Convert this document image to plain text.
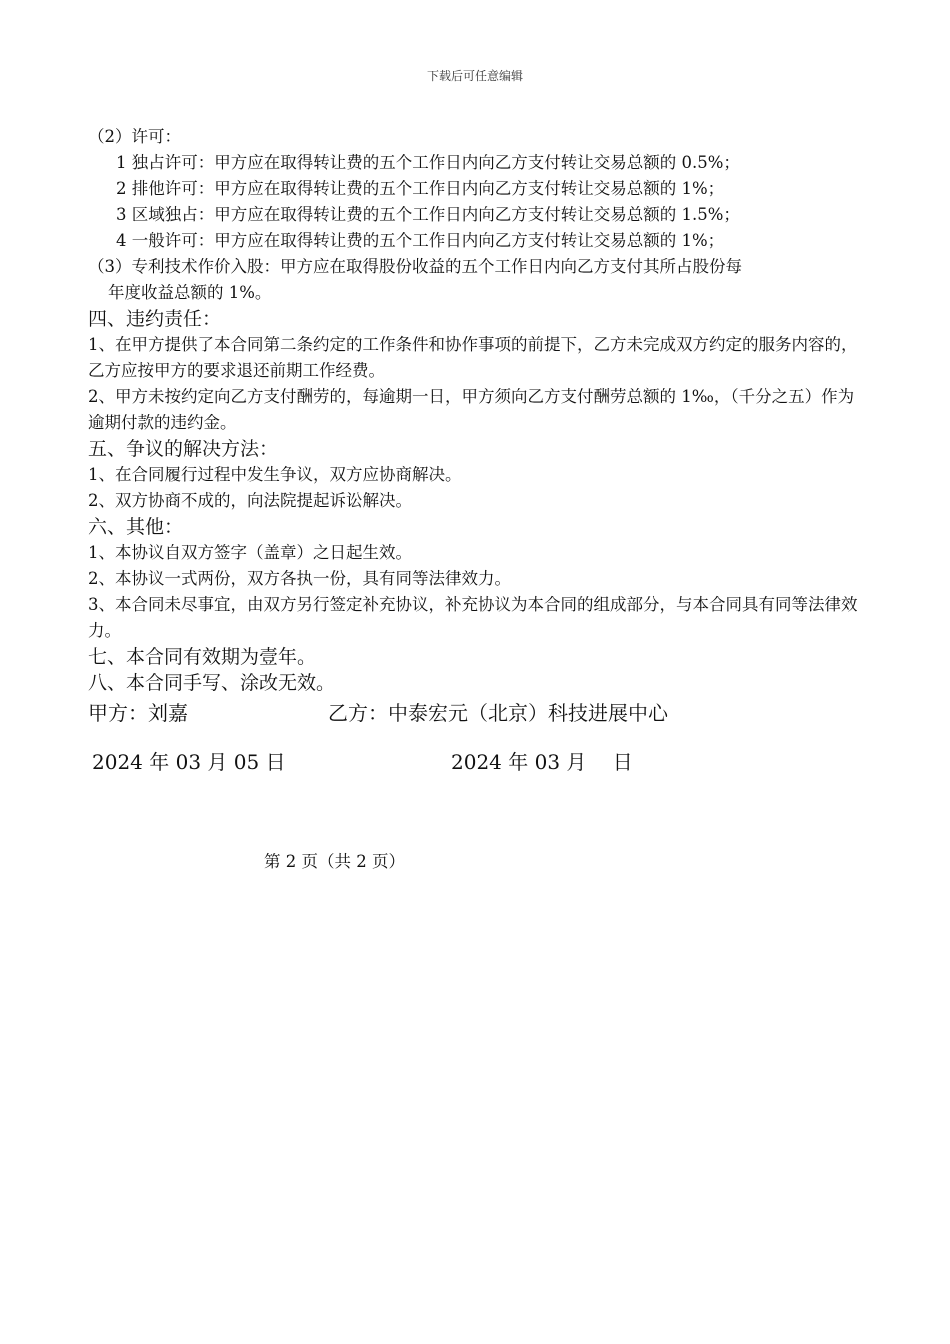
下载后可任意编辑
（2）许可：
1 独占许可：甲方应在取得转让费的五个工作日内向乙方支付转让交易总额的 0.5%；
2 排他许可：甲方应在取得转让费的五个工作日内向乙方支付转让交易总额的 1%；
3 区域独占：甲方应在取得转让费的五个工作日内向乙方支付转让交易总额的 1.5%；
4 一般许可：甲方应在取得转让费的五个工作日内向乙方支付转让交易总额的 1%；
（3）专利技术作价入股：甲方应在取得股份收益的五个工作日内向乙方支付其所占股份每
年度收益总额的 1%。
四、违约责任：
1、在甲方提供了本合同第二条约定的工作条件和协作事项的前提下，乙方未完成双方约定的服务内容的，乙方应按甲方的要求退还前期工作经费。
2、甲方未按约定向乙方支付酬劳的，每逾期一日，甲方须向乙方支付酬劳总额的 1‰，（千分之五）作为逾期付款的违约金。
五、争议的解决方法：
1、在合同履行过程中发生争议，双方应协商解决。
2、双方协商不成的，向法院提起诉讼解决。
六、其他：
1、本协议自双方签字（盖章）之日起生效。
2、本协议一式两份，双方各执一份，具有同等法律效力。
3、本合同未尽事宜，由双方另行签定补充协议，补充协议为本合同的组成部分，与本合同具有同等法律效力。
七、本合同有效期为壹年。
八、本合同手写、涂改无效。
甲方：刘嘉	乙方：中泰宏元（北京）科技进展中心
2024 年 03 月 05 日	2024 年 03 月　 日
第 2 页（共 2 页）
